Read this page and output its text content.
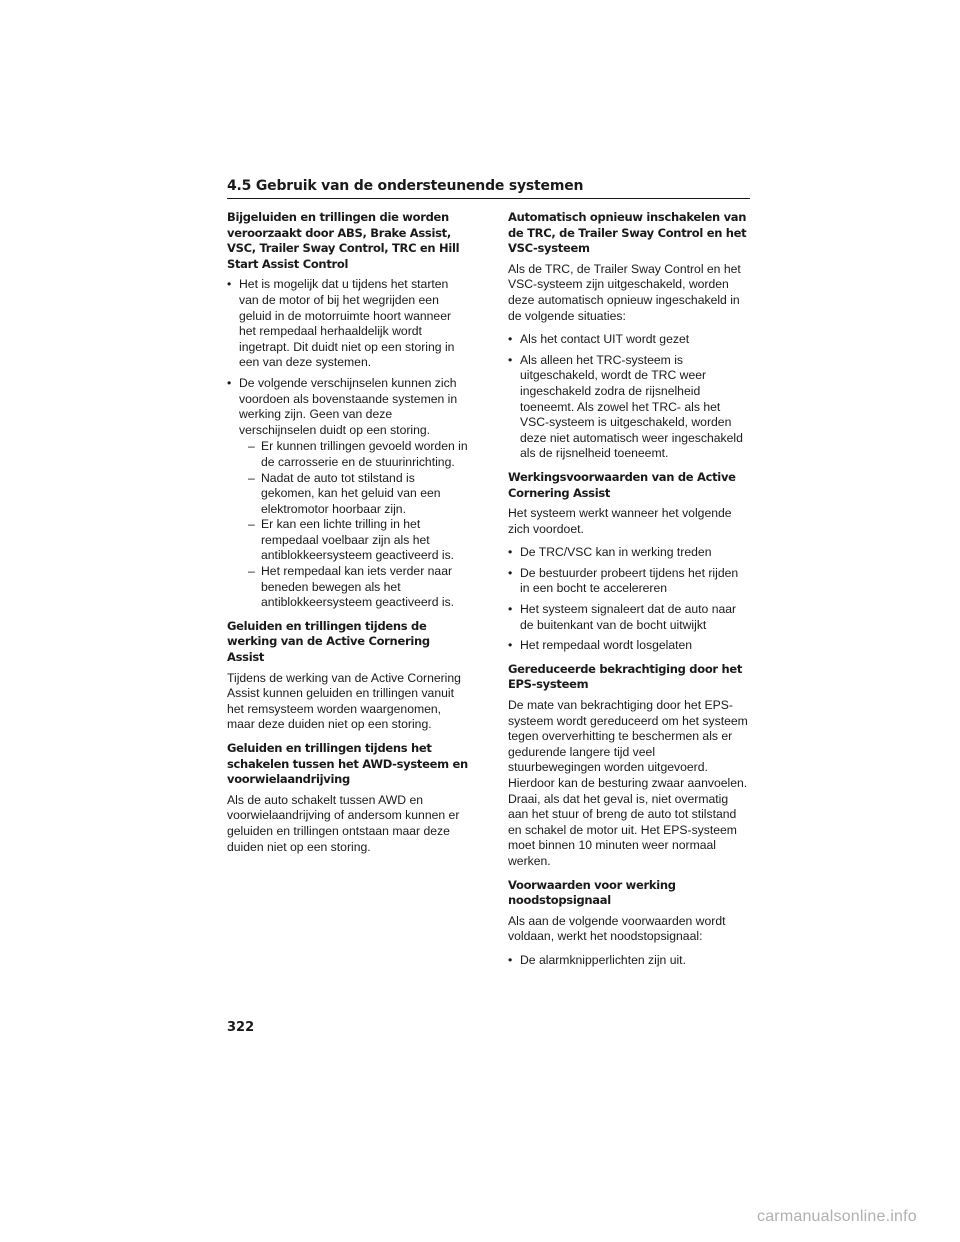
4.5 Gebruik van de ondersteunende systemen
Bijgeluiden en trillingen die worden veroorzaakt door ABS, Brake Assist, VSC, Trailer Sway Control, TRC en Hill Start Assist Control
• Het is mogelijk dat u tijdens het starten van de motor of bij het wegrijden een geluid in de motorruimte hoort wanneer het rempedaal herhaaldelijk wordt ingetrapt. Dit duidt niet op een storing in een van deze systemen.
• De volgende verschijnselen kunnen zich voordoen als bovenstaande systemen in werking zijn. Geen van deze verschijnselen duidt op een storing.
– Er kunnen trillingen gevoeld worden in de carrosserie en de stuurinrichting.
– Nadat de auto tot stilstand is gekomen, kan het geluid van een elektromotor hoorbaar zijn.
– Er kan een lichte trilling in het rempedaal voelbaar zijn als het antiblokkeersysteem geactiveerd is.
– Het rempedaal kan iets verder naar beneden bewegen als het antiblokkeersysteem geactiveerd is.
Geluiden en trillingen tijdens de werking van de Active Cornering Assist

Tijdens de werking van de Active Cornering Assist kunnen geluiden en trillingen vanuit het remsysteem worden waargenomen, maar deze duiden niet op een storing.

Geluiden en trillingen tijdens het schakelen tussen het AWD-systeem en voorwielaandrijving

Als de auto schakelt tussen AWD en voorwielaandrijving of andersom kunnen er geluiden en trillingen ontstaan maar deze duiden niet op een storing.

Automatisch opnieuw inschakelen van de TRC, de Trailer Sway Control en het VSC-systeem

Als de TRC, de Trailer Sway Control en het VSC-systeem zijn uitgeschakeld, worden deze automatisch opnieuw ingeschakeld in de volgende situaties:

• Als het contact UIT wordt gezet
• Als alleen het TRC-systeem is uitgeschakeld, wordt de TRC weer ingeschakeld zodra de rijsnelheid toeneemt. Als zowel het TRC- als het VSC-systeem is uitgeschakeld, worden deze niet automatisch weer ingeschakeld als de rijsnelheid toeneemt.
Werkingsvoorwaarden van de Active Cornering Assist

Het systeem werkt wanneer het volgende zich voordoet.

• De TRC/VSC kan in werking treden
• De bestuurder probeert tijdens het rijden in een bocht te accelereren
• Het systeem signaleert dat de auto naar de buitenkant van de bocht uitwijkt
• Het rempedaal wordt losgelaten
Gereduceerde bekrachtiging door het EPS-systeem

De mate van bekrachtiging door het EPS-systeem wordt gereduceerd om het systeem tegen oververhitting te beschermen als er gedurende langere tijd veel stuurbewegingen worden uitgevoerd. Hierdoor kan de besturing zwaar aanvoelen. Draai, als dat het geval is, niet overmatig aan het stuur of breng de auto tot stilstand en schakel de motor uit. Het EPS-systeem moet binnen 10 minuten weer normaal werken.

Voorwaarden voor werking noodstopsignaal

Als aan de volgende voorwaarden wordt voldaan, werkt het noodstopsignaal:

• De alarmknipperlichten zijn uit.
322
carmanualsonline.info
